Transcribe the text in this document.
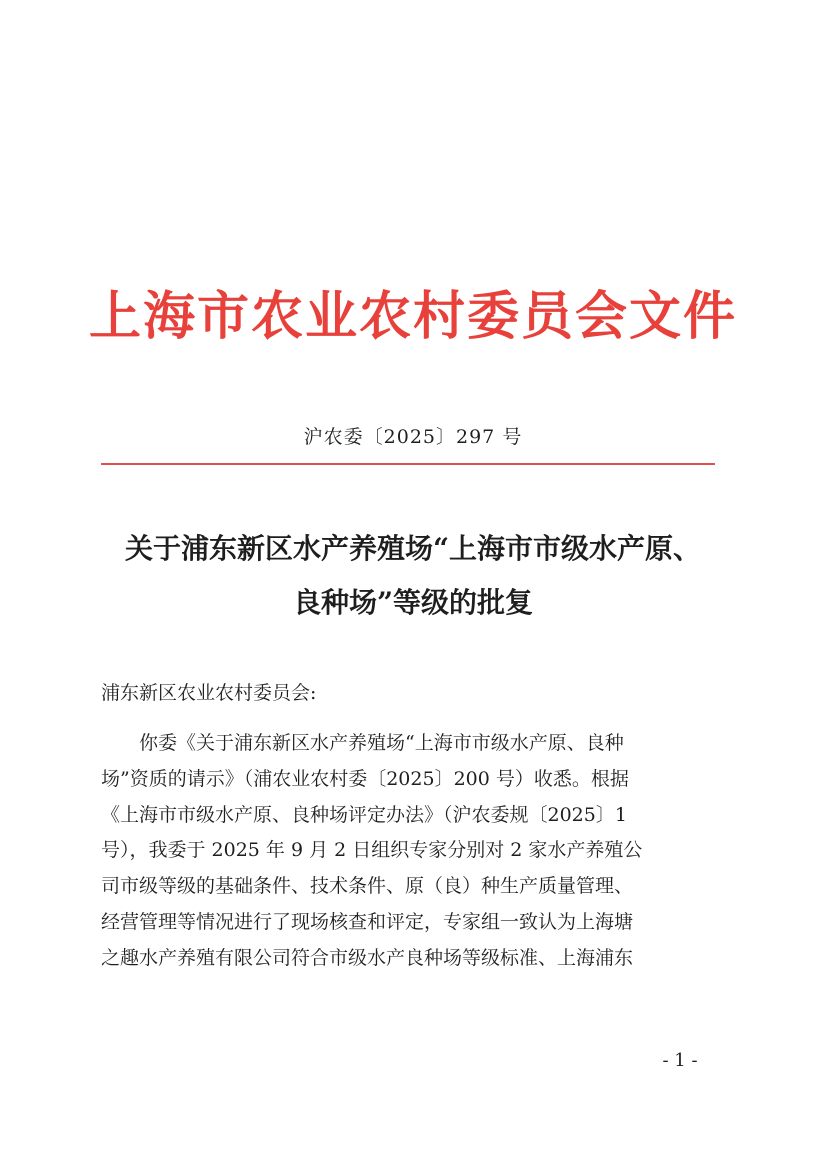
上海市农业农村委员会文件
沪农委〔2025〕297 号
关于浦东新区水产养殖场“上海市市级水产原、
良种场”等级的批复
浦东新区农业农村委员会:
　　你委《关于浦东新区水产养殖场“上海市市级水产原、良种
场”资质的请示》（浦农业农村委〔2025〕200 号）收悉。根据
《上海市市级水产原、良种场评定办法》（沪农委规〔2025〕1
号），我委于 2025 年 9 月 2 日组织专家分别对 2 家水产养殖公
司市级等级的基础条件、技术条件、原（良）种生产质量管理、
经营管理等情况进行了现场核查和评定，专家组一致认为上海塘
之趣水产养殖有限公司符合市级水产良种场等级标准、上海浦东
- 1 -
